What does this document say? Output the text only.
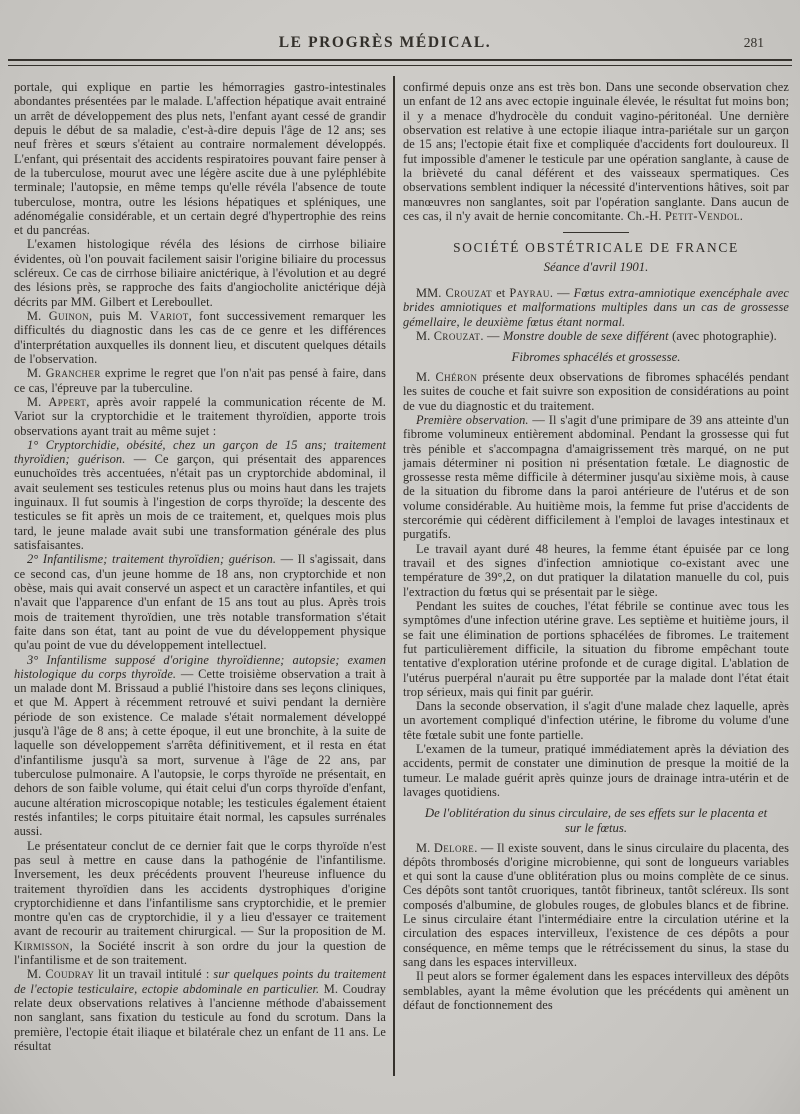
LE PROGRÈS MÉDICAL.	281

portale, qui explique en partie les hémorragies gastro-intestinales abondantes présentées par le malade. L'affection hépatique avait entrainé un arrêt de développement des plus nets, l'enfant ayant cessé de grandir depuis le début de sa maladie, c'est-à-dire depuis l'âge de 12 ans; ses neuf frères et sœurs s'étaient au contraire normalement développés. L'enfant, qui présentait des accidents respiratoires pouvant faire penser à de la tuberculose, mourut avec une légère ascite due à une pyléphlébite terminale; l'autopsie, en même temps qu'elle révéla l'absence de toute tuberculose, montra, outre les lésions hépatiques et spléniques, une adénomégalie considérable, et un certain degré d'hypertrophie des reins et du pancréas.

L'examen histologique révéla des lésions de cirrhose biliaire évidentes, où l'on pouvait facilement saisir l'origine biliaire du processus scléreux. Ce cas de cirrhose biliaire anictérique, à l'évolution et au degré des lésions près, se rapproche des faits d'angiocholite anictérique déjà décrits par MM. Gilbert et Lereboullet.

M. Guinon, puis M. Variot, font successivement remarquer les difficultés du diagnostic dans les cas de ce genre et les différences d'interprétation auxquelles ils donnent lieu, et discutent quelques détails de l'observation.

M. Grancher exprime le regret que l'on n'ait pas pensé à faire, dans ce cas, l'épreuve par la tuberculine.

M. Appert, après avoir rappelé la communication récente de M. Variot sur la cryptorchidie et le traitement thyroïdien, apporte trois observations ayant trait au même sujet :

1° Cryptorchidie, obésité, chez un garçon de 15 ans; traitement thyroïdien; guérison. — Ce garçon, qui présentait des apparences eunuchoïdes très accentuées, n'était pas un cryptorchide abdominal, il avait seulement ses testicules retenus plus ou moins haut dans les trajets inguinaux. Il fut soumis à l'ingestion de corps thyroïde; la descente des testicules se fit après un mois de ce traitement, et, quelques mois plus tard, le jeune malade avait subi une transformation générale des plus satisfaisantes.

2° Infantilisme; traitement thyroïdien; guérison. — Il s'agissait, dans ce second cas, d'un jeune homme de 18 ans, non cryptorchide et non obèse, mais qui avait conservé un aspect et un caractère infantiles, et qui n'avait que l'apparence d'un enfant de 15 ans tout au plus. Après trois mois de traitement thyroïdien, une très notable transformation s'était faite dans son état, tant au point de vue du développement physique qu'au point de vue du développement intellectuel.

3° Infantilisme supposé d'origine thyroïdienne; autopsie; examen histologique du corps thyroïde. — Cette troisième observation a trait à un malade dont M. Brissaud a publié l'histoire dans ses leçons cliniques, et que M. Appert à récemment retrouvé et suivi pendant la dernière période de son existence. Ce malade s'était normalement développé jusqu'à l'âge de 8 ans; à cette époque, il eut une bronchite, à la suite de laquelle son développement s'arrêta définitivement, et il resta en état d'infantilisme jusqu'à sa mort, survenue à l'âge de 22 ans, par tuberculose pulmonaire. A l'autopsie, le corps thyroïde ne présentait, en dehors de son faible volume, qui était celui d'un corps thyroïde d'enfant, aucune altération microscopique notable; les testicules également étaient restés infantiles; le corps pituitaire était normal, les capsules surrénales aussi.

Le présentateur conclut de ce dernier fait que le corps thyroïde n'est pas seul à mettre en cause dans la pathogénie de l'infantilisme. Inversement, les deux précédents prouvent l'heureuse influence du traitement thyroïdien dans les accidents dystrophiques d'origine cryptorchidienne et dans l'infantilisme sans cryptorchidie, et le premier montre qu'en cas de cryptorchidie, il y a lieu d'essayer ce traitement avant de recourir au traitement chirurgical. — Sur la proposition de M. Kirmisson, la Société inscrit à son ordre du jour la question de l'infantilisme et de son traitement.

M. Coudray lit un travail intitulé : sur quelques points du traitement de l'ectopie testiculaire, ectopie abdominale en particulier. M. Coudray relate deux observations relatives à l'ancienne méthode d'abaissement non sanglant, sans fixation du testicule au fond du scrotum. Dans la première, l'ectopie était iliaque et bilatérale chez un enfant de 11 ans. Le résultat

confirmé depuis onze ans est très bon. Dans une seconde observation chez un enfant de 12 ans avec ectopie inguinale élevée, le résultat fut moins bon; il y a menace d'hydrocèle du conduit vagino-péritonéal. Une dernière observation est relative à une ectopie iliaque intra-pariétale sur un garçon de 15 ans; l'ectopie était fixe et compliquée d'accidents fort douloureux. Il fut impossible d'amener le testicule par une opération sanglante, à cause de la brièveté du canal déférent et des vaisseaux spermatiques. Ces observations semblent indiquer la nécessité d'interventions hâtives, soit par manœuvres non sanglantes, soit par l'opération sanglante. Dans aucun de ces cas, il n'y avait de hernie concomitante. Ch.-H. Petit-Vendol.

SOCIÉTÉ OBSTÉTRICALE DE FRANCE
Séance d'avril 1901.

MM. Crouzat et Payrau. — Fœtus extra-amniotique exencéphale avec brides amniotiques et malformations multiples dans un cas de grossesse gémellaire, le deuxième fœtus étant normal.

M. Crouzat. — Monstre double de sexe différent (avec photographie).

Fibromes sphacélés et grossesse.

M. Chéron présente deux observations de fibromes sphacélés pendant les suites de couche et fait suivre son exposition de considérations au point de vue du diagnostic et du traitement.

Première observation. — Il s'agit d'une primipare de 39 ans atteinte d'un fibrome volumineux entièrement abdominal. Pendant la grossesse qui fut très pénible et s'accompagna d'amaigrissement très marqué, on ne put jamais déterminer ni position ni présentation fœtale. Le diagnostic de grossesse resta même difficile à déterminer jusqu'au sixième mois, à cause de la situation du fibrome dans la paroi antérieure de l'utérus et de son volume considérable. Au huitième mois, la femme fut prise d'accidents de stercorémie qui cédèrent difficilement à l'emploi de lavages intestinaux et purgatifs.

Le travail ayant duré 48 heures, la femme étant épuisée par ce long travail et des signes d'infection amniotique co-existant avec une température de 39°,2, on dut pratiquer la dilatation manuelle du col, puis l'extraction du fœtus qui se présentait par le siège.

Pendant les suites de couches, l'état fébrile se continue avec tous les symptômes d'une infection utérine grave. Les septième et huitième jours, il se fait une élimination de portions sphacélées de fibromes. Le traitement fut particulièrement difficile, la situation du fibrome empêchant toute tentative d'exploration utérine profonde et de curage digital. L'ablation de l'utérus puerpéral n'aurait pu être supportée par la malade dont l'état était trop sérieux, mais qui finit par guérir.

Dans la seconde observation, il s'agit d'une malade chez laquelle, après un avortement compliqué d'infection utérine, le fibrome du volume d'une tête fœtale subit une fonte partielle.

L'examen de la tumeur, pratiqué immédiatement après la déviation des accidents, permit de constater une diminution de presque la moitié de la tumeur. Le malade guérit après quinze jours de drainage intra-utérin et de lavages quotidiens.

De l'oblitération du sinus circulaire, de ses effets sur le placenta et sur le fœtus.

M. Delore. — Il existe souvent, dans le sinus circulaire du placenta, des dépôts thrombosés d'origine microbienne, qui sont de longueurs variables et qui sont la cause d'une oblitération plus ou moins complète de ce sinus. Ces dépôts sont tantôt cruoriques, tantôt fibrineux, tantôt scléreux. Ils sont composés d'albumine, de globules rouges, de globules blancs et de fibrine. Le sinus circulaire étant l'intermédiaire entre la circulation utérine et la circulation des espaces intervilleux, l'existence de ces dépôts a pour conséquence, en même temps que le rétrécissement du sinus, la stase du sang dans les espaces intervilleux.

Il peut alors se former également dans les espaces intervilleux des dépôts semblables, ayant la même évolution que les précédents qui amènent un défaut de fonctionnement des
